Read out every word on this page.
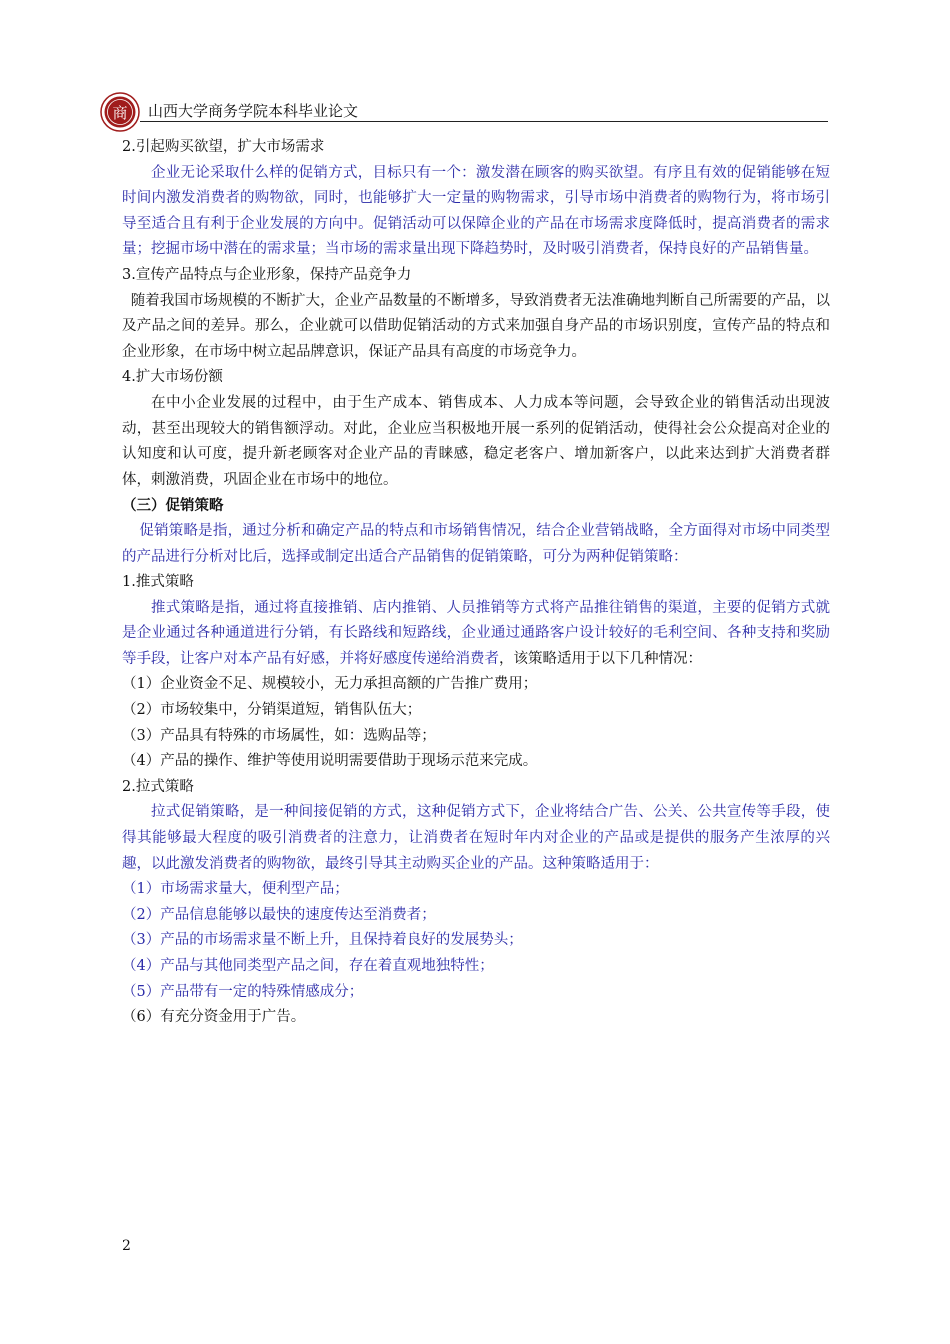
商 山西大学商务学院本科毕业论文

2.引起购买欲望，扩大市场需求

企业无论采取什么样的促销方式，目标只有一个：激发潜在顾客的购买欲望。有序且有效的促销能够在短时间内激发消费者的购物欲，同时，也能够扩大一定量的购物需求，引导市场中消费者的购物行为，将市场引导至适合且有利于企业发展的方向中。促销活动可以保障企业的产品在市场需求度降低时，提高消费者的需求量；挖掘市场中潜在的需求量；当市场的需求量出现下降趋势时，及时吸引消费者，保持良好的产品销售量。

3.宣传产品特点与企业形象，保持产品竞争力

随着我国市场规模的不断扩大，企业产品数量的不断增多，导致消费者无法准确地判断自己所需要的产品，以及产品之间的差异。那么，企业就可以借助促销活动的方式来加强自身产品的市场识别度，宣传产品的特点和企业形象，在市场中树立起品牌意识，保证产品具有高度的市场竞争力。

4.扩大市场份额

在中小企业发展的过程中，由于生产成本、销售成本、人力成本等问题，会导致企业的销售活动出现波动，甚至出现较大的销售额浮动。对此，企业应当积极地开展一系列的促销活动，使得社会公众提高对企业的认知度和认可度，提升新老顾客对企业产品的青睐感，稳定老客户、增加新客户，以此来达到扩大消费者群体，刺激消费，巩固企业在市场中的地位。

（三）促销策略

促销策略是指，通过分析和确定产品的特点和市场销售情况，结合企业营销战略，全方面得对市场中同类型的产品进行分析对比后，选择或制定出适合产品销售的促销策略，可分为两种促销策略：

1.推式策略

推式策略是指，通过将直接推销、店内推销、人员推销等方式将产品推往销售的渠道，主要的促销方式就是企业通过各种通道进行分销，有长路线和短路线，企业通过通路客户设计较好的毛利空间、各种支持和奖励等手段，让客户对本产品有好感，并将好感度传递给消费者，该策略适用于以下几种情况：

（1）企业资金不足、规模较小，无力承担高额的广告推广费用；

（2）市场较集中，分销渠道短，销售队伍大；

（3）产品具有特殊的市场属性，如：选购品等；

（4）产品的操作、维护等使用说明需要借助于现场示范来完成。

2.拉式策略

拉式促销策略，是一种间接促销的方式，这种促销方式下，企业将结合广告、公关、公共宣传等手段，使得其能够最大程度的吸引消费者的注意力，让消费者在短时年内对企业的产品或是提供的服务产生浓厚的兴趣，以此激发消费者的购物欲，最终引导其主动购买企业的产品。这种策略适用于：

（1）市场需求量大，便利型产品；

（2）产品信息能够以最快的速度传达至消费者；

（3）产品的市场需求量不断上升，且保持着良好的发展势头；

（4）产品与其他同类型产品之间，存在着直观地独特性；

（5）产品带有一定的特殊情感成分；

（6）有充分资金用于广告。

2
